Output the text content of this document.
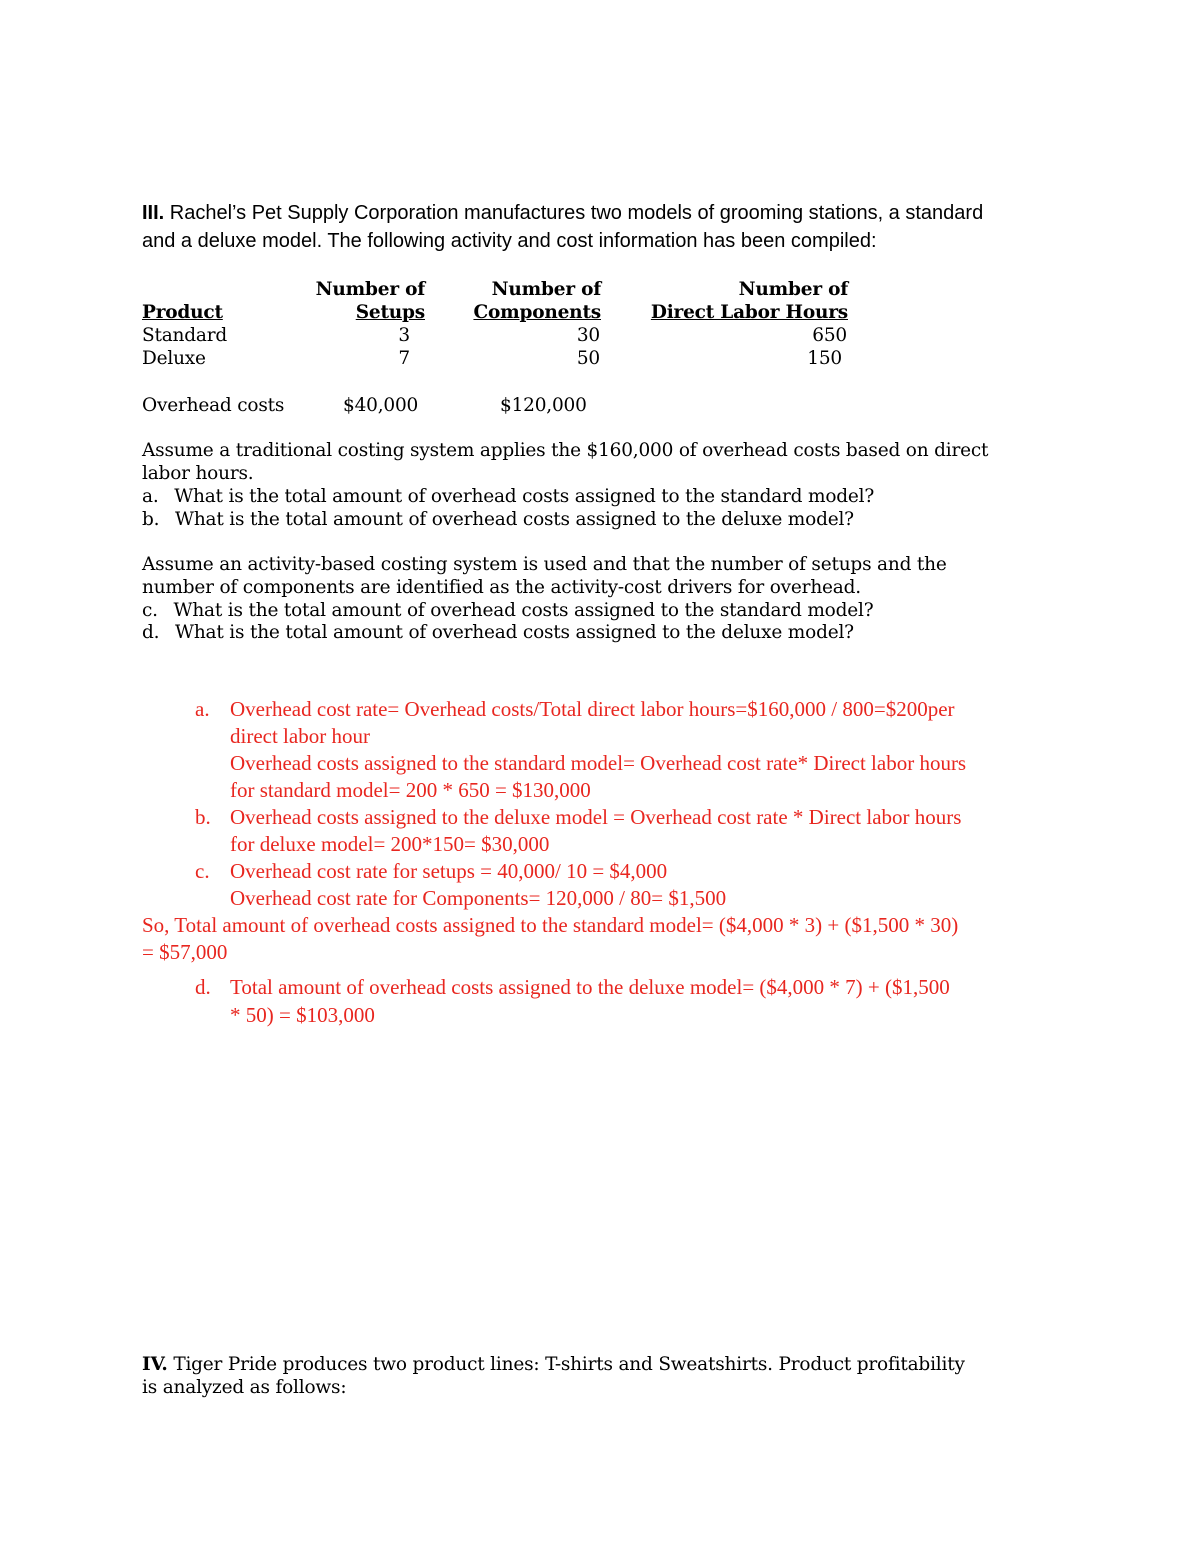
III. Rachel’s Pet Supply Corporation manufactures two models of grooming stations, a standard
and a deluxe model. The following activity and cost information has been compiled:
Number of	Number of	Number of
Product	Setups	Components	Direct Labor Hours
Standard	3	30	650
Deluxe	7	50	150
Overhead costs	$40,000	$120,000
Assume a traditional costing system applies the $160,000 of overhead costs based on direct
labor hours.
a. What is the total amount of overhead costs assigned to the standard model?
b. What is the total amount of overhead costs assigned to the deluxe model?
Assume an activity-based costing system is used and that the number of setups and the
number of components are identified as the activity-cost drivers for overhead.
c. What is the total amount of overhead costs assigned to the standard model?
d. What is the total amount of overhead costs assigned to the deluxe model?
a. Overhead cost rate= Overhead costs/Total direct labor hours=$160,000 / 800=$200per
direct labor hour
Overhead costs assigned to the standard model= Overhead cost rate* Direct labor hours
for standard model= 200 * 650 = $130,000
b. Overhead costs assigned to the deluxe model = Overhead cost rate * Direct labor hours
for deluxe model= 200*150= $30,000
c. Overhead cost rate for setups = 40,000/ 10 = $4,000
Overhead cost rate for Components= 120,000 / 80= $1,500
So, Total amount of overhead costs assigned to the standard model= ($4,000 * 3) + ($1,500 * 30)
= $57,000
d. Total amount of overhead costs assigned to the deluxe model= ($4,000 * 7) + ($1,500
* 50) = $103,000
IV. Tiger Pride produces two product lines: T-shirts and Sweatshirts. Product profitability
is analyzed as follows:
